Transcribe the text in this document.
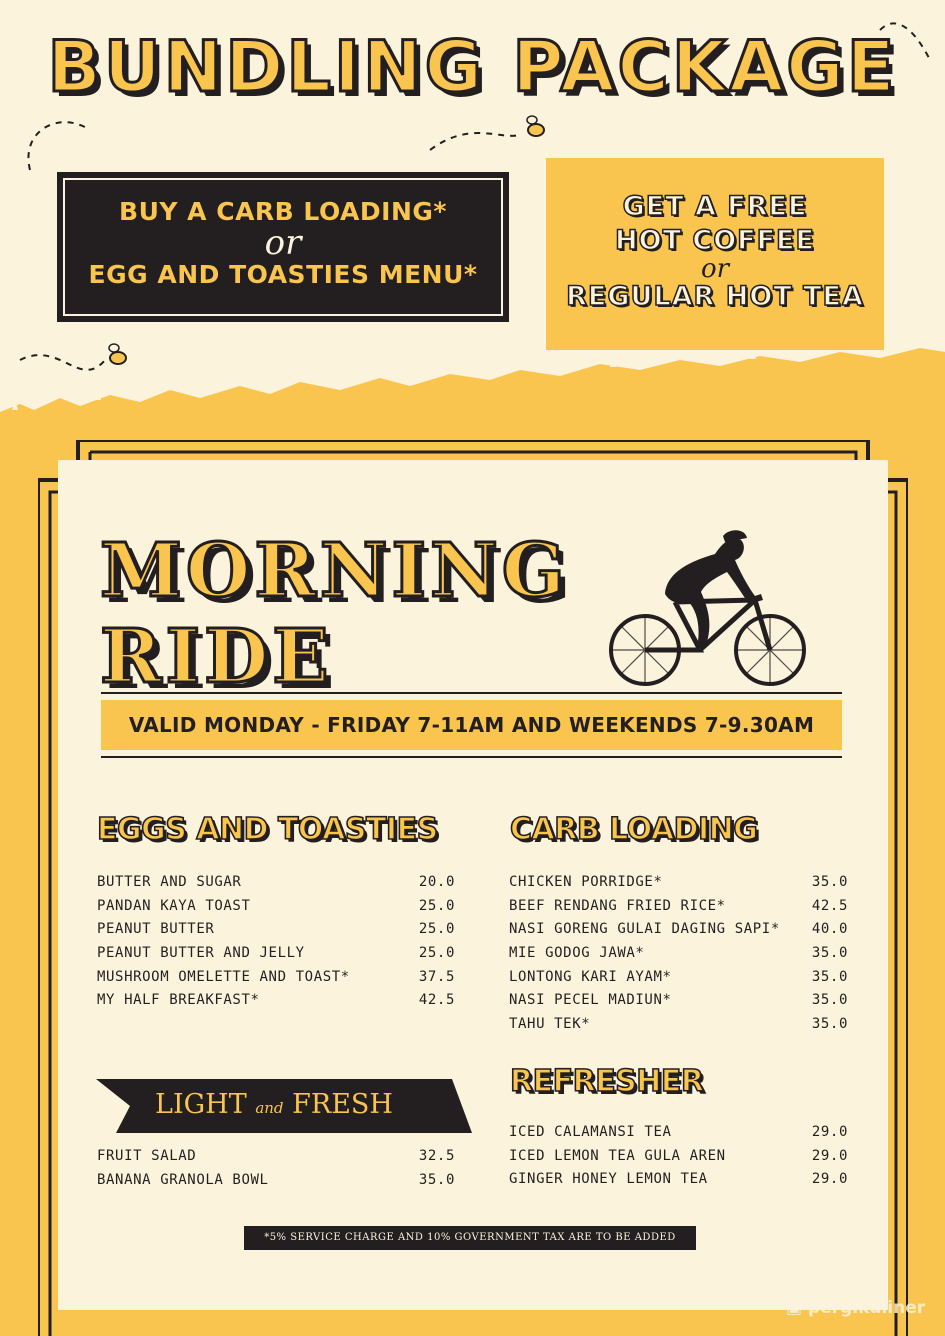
BUNDLING PACKAGE
BUY A CARB LOADING*
or
EGG AND TOASTIES MENU*
GET A FREE
HOT COFFEE
or
REGULAR HOT TEA
MORNING
RIDE
VALID MONDAY - FRIDAY 7-11AM AND WEEKENDS 7-9.30AM
EGGS AND TOASTIES
BUTTER AND SUGAR	20.0
PANDAN KAYA TOAST	25.0
PEANUT BUTTER	25.0
PEANUT BUTTER AND JELLY	25.0
MUSHROOM OMELETTE AND TOAST*	37.5
MY HALF BREAKFAST*	42.5
CARB LOADING
CHICKEN PORRIDGE*	35.0
BEEF RENDANG FRIED RICE*	42.5
NASI GORENG GULAI DAGING SAPI* 40.0
MIE GODOG JAWA*	35.0
LONTONG KARI AYAM*	35.0
NASI PECEL MADIUN*	35.0
TAHU TEK*	35.0
LIGHT and FRESH
FRUIT SALAD	32.5
BANANA GRANOLA BOWL	35.0
REFRESHER
ICED CALAMANSI TEA	29.0
ICED LEMON TEA GULA AREN	29.0
GINGER HONEY LEMON TEA	29.0
*5% SERVICE CHARGE AND 10% GOVERNMENT TAX ARE TO BE ADDED
▣ pergikuliner
